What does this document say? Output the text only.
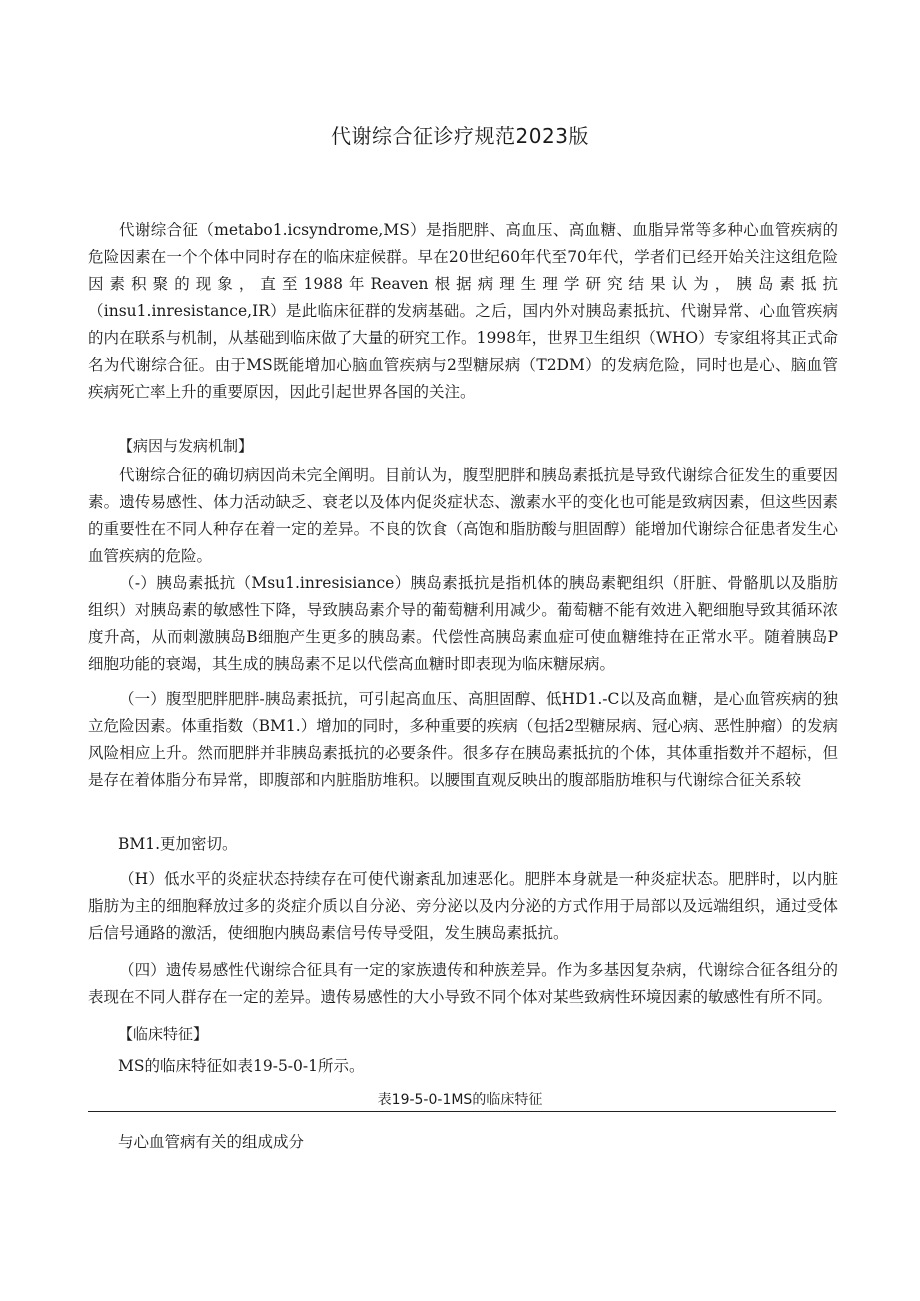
代谢综合征诊疗规范2023版

代谢综合征（metabo1.icsyndrome,MS）是指肥胖、高血压、高血糖、血脂异常等多种心血管疾病的危险因素在一个个体中同时存在的临床症候群。早在20世纪60年代至70年代，学者们已经开始关注这组危险因素积聚的现象，直至1988年Reaven根据病理生理学研究结果认为，胰岛素抵抗（insu1.inresistance,IR）是此临床征群的发病基础。之后，国内外对胰岛素抵抗、代谢异常、心血管疾病的内在联系与机制，从基础到临床做了大量的研究工作。1998年，世界卫生组织（WHO）专家组将其正式命名为代谢综合征。由于MS既能增加心脑血管疾病与2型糖尿病（T2DM）的发病危险，同时也是心、脑血管疾病死亡率上升的重要原因，因此引起世界各国的关注。

【病因与发病机制】

代谢综合征的确切病因尚未完全阐明。目前认为，腹型肥胖和胰岛素抵抗是导致代谢综合征发生的重要因素。遗传易感性、体力活动缺乏、衰老以及体内促炎症状态、激素水平的变化也可能是致病因素，但这些因素的重要性在不同人种存在着一定的差异。不良的饮食（高饱和脂肪酸与胆固醇）能增加代谢综合征患者发生心血管疾病的危险。

（-）胰岛素抵抗（Msu1.inresisiance）胰岛素抵抗是指机体的胰岛素靶组织（肝脏、骨骼肌以及脂肪组织）对胰岛素的敏感性下降，导致胰岛素介导的葡萄糖利用减少。葡萄糖不能有效进入靶细胞导致其循环浓度升高，从而刺激胰岛B细胞产生更多的胰岛素。代偿性高胰岛素血症可使血糖维持在正常水平。随着胰岛P细胞功能的衰竭，其生成的胰岛素不足以代偿高血糖时即表现为临床糖尿病。

（一）腹型肥胖肥胖-胰岛素抵抗，可引起高血压、高胆固醇、低HD1.-C以及高血糖，是心血管疾病的独立危险因素。体重指数（BM1.）增加的同时，多种重要的疾病（包括2型糖尿病、冠心病、恶性肿瘤）的发病风险相应上升。然而肥胖并非胰岛素抵抗的必要条件。很多存在胰岛素抵抗的个体，其体重指数并不超标，但是存在着体脂分布异常，即腹部和内脏脂肪堆积。以腰围直观反映出的腹部脂肪堆积与代谢综合征关系较

BM1.更加密切。

（H）低水平的炎症状态持续存在可使代谢紊乱加速恶化。肥胖本身就是一种炎症状态。肥胖时，以内脏脂肪为主的细胞释放过多的炎症介质以自分泌、旁分泌以及内分泌的方式作用于局部以及远端组织，通过受体后信号通路的激活，使细胞内胰岛素信号传导受阻，发生胰岛素抵抗。

（四）遗传易感性代谢综合征具有一定的家族遗传和种族差异。作为多基因复杂病，代谢综合征各组分的表现在不同人群存在一定的差异。遗传易感性的大小导致不同个体对某些致病性环境因素的敏感性有所不同。

【临床特征】

MS的临床特征如表19-5-0-1所示。

表19-5-0-1MS的临床特征

与心血管病有关的组成成分
